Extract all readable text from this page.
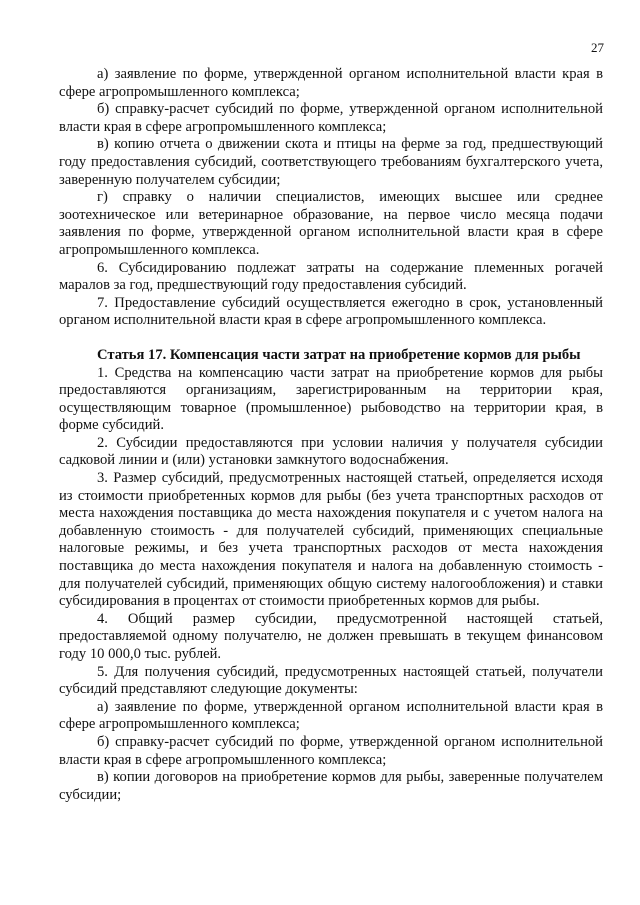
27

а) заявление по форме, утвержденной органом исполнительной власти края в сфере агропромышленного комплекса;

б) справку-расчет субсидий по форме, утвержденной органом исполнительной власти края в сфере агропромышленного комплекса;

в) копию отчета о движении скота и птицы на ферме за год, предшествующий году предоставления субсидий, соответствующего требованиям бухгалтерского учета, заверенную получателем субсидии;

г) справку о наличии специалистов, имеющих высшее или среднее зоотехническое или ветеринарное образование, на первое число месяца подачи заявления по форме, утвержденной органом исполнительной власти края в сфере агропромышленного комплекса.

6. Субсидированию подлежат затраты на содержание племенных рогачей маралов за год, предшествующий году предоставления субсидий.

7. Предоставление субсидий осуществляется ежегодно в срок, установленный органом исполнительной власти края в сфере агропромышленного комплекса.

Статья 17. Компенсация части затрат на приобретение кормов для рыбы

1. Средства на компенсацию части затрат на приобретение кормов для рыбы предоставляются организациям, зарегистрированным на территории края, осуществляющим товарное (промышленное) рыбоводство на территории края, в форме субсидий.

2. Субсидии предоставляются при условии наличия у получателя субсидии садковой линии и (или) установки замкнутого водоснабжения.

3. Размер субсидий, предусмотренных настоящей статьей, определяется исходя из стоимости приобретенных кормов для рыбы (без учета транспортных расходов от места нахождения поставщика до места нахождения покупателя и с учетом налога на добавленную стоимость - для получателей субсидий, применяющих специальные налоговые режимы, и без учета транспортных расходов от места нахождения поставщика до места нахождения покупателя и налога на добавленную стоимость - для получателей субсидий, применяющих общую систему налогообложения) и ставки субсидирования в процентах от стоимости приобретенных кормов для рыбы.

4. Общий размер субсидии, предусмотренной настоящей статьей, предоставляемой одному получателю, не должен превышать в текущем финансовом году 10 000,0 тыс. рублей.

5. Для получения субсидий, предусмотренных настоящей статьей, получатели субсидий представляют следующие документы:

а) заявление по форме, утвержденной органом исполнительной власти края в сфере агропромышленного комплекса;

б) справку-расчет субсидий по форме, утвержденной органом исполнительной власти края в сфере агропромышленного комплекса;

в) копии договоров на приобретение кормов для рыбы, заверенные получателем субсидии;
